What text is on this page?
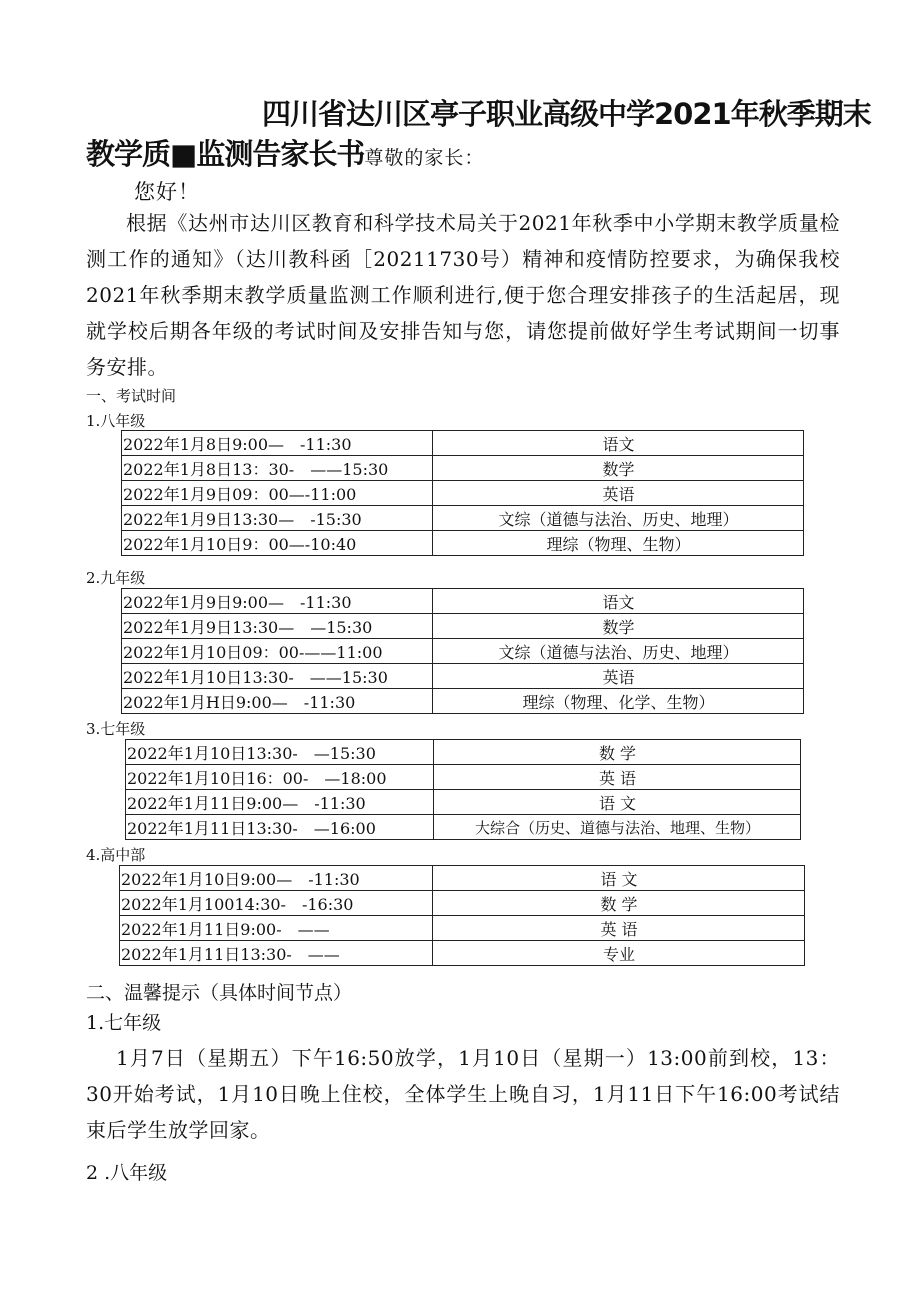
四川省达川区亭子职业高级中学2021年秋季期末
教学质■监测告家长书尊敬的家长：
您好！
根据《达州市达川区教育和科学技术局关于2021年秋季中小学期末教学质量检测工作的通知》（达川教科函［20211730号）精神和疫情防控要求，为确保我校2021年秋季期末教学质量监测工作顺利进行,便于您合理安排孩子的生活起居，现就学校后期各年级的考试时间及安排告知与您，请您提前做好学生考试期间一切事务安排。
一、考试时间
1.八年级
2022年1月8日9:00—　-11:30	语文
2022年1月8日13：30-　——15:30	数学
2022年1月9日09：00—-11:00	英语
2022年1月9日13:30—　-15:30	文综（道德与法治、历史、地理）
2022年1月10日9：00—-10:40	理综（物理、生物）
2.九年级
2022年1月9日9:00—　-11:30	语文
2022年1月9日13:30—　—15:30	数学
2022年1月10日09：00-——11:00	文综（道德与法治、历史、地理）
2022年1月10日13:30-　——15:30	英语
2022年1月H日9:00—　-11:30	理综（物理、化学、生物）
3.七年级
2022年1月10日13:30-　—15:30	数 学
2022年1月10日16：00-　—18:00	英 语
2022年1月11日9:00—　-11:30	语 文
2022年1月11日13:30-　—16:00	大综合（历史、道德与法治、地理、生物）
4.高中部
2022年1月10日9:00—　-11:30	语 文
2022年1月10014:30-　-16:30	数 学
2022年1月11日9:00-　——	英 语
2022年1月11日13:30-　——	专业
二、温馨提示（具体时间节点）
1.七年级
1月7日（星期五）下午16:50放学，1月10日（星期一）13:00前到校，13：30开始考试，1月10日晚上住校，全体学生上晚自习，1月11日下午16:00考试结束后学生放学回家。
2 .八年级
